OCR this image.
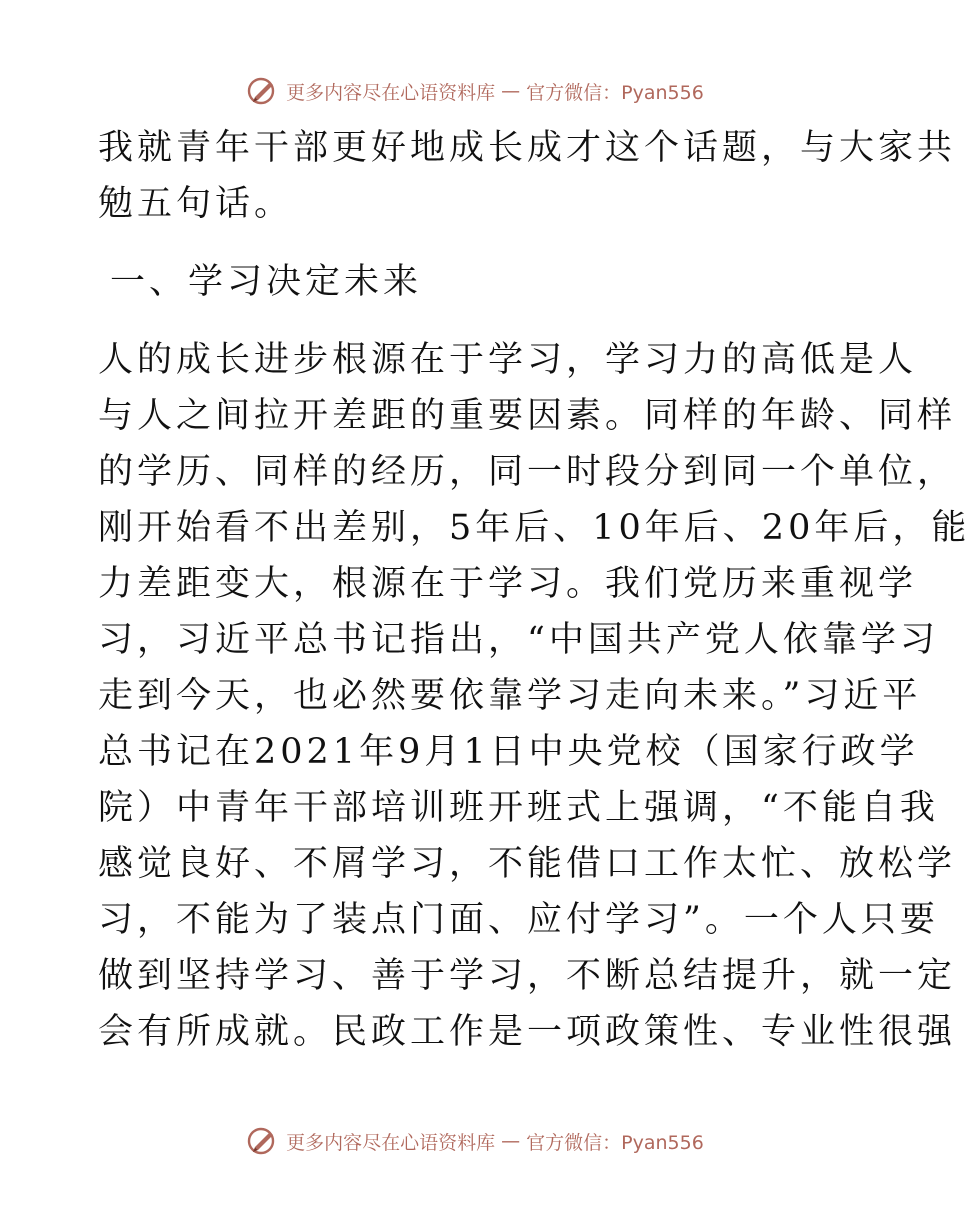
更多内容尽在心语资料库 — 官方微信：Pyan556
我就青年干部更好地成长成才这个话题，与大家共
勉五句话。
一、学习决定未来
人的成长进步根源在于学习，学习力的高低是人
与人之间拉开差距的重要因素。同样的年龄、同样
的学历、同样的经历，同一时段分到同一个单位，
刚开始看不出差别，5年后、10年后、20年后，能
力差距变大，根源在于学习。我们党历来重视学
习，习近平总书记指出，“中国共产党人依靠学习
走到今天，也必然要依靠学习走向未来。”习近平
总书记在2021年9月1日中央党校（国家行政学
院）中青年干部培训班开班式上强调，“不能自我
感觉良好、不屑学习，不能借口工作太忙、放松学
习，不能为了装点门面、应付学习”。一个人只要
做到坚持学习、善于学习，不断总结提升，就一定
会有所成就。民政工作是一项政策性、专业性很强
更多内容尽在心语资料库 — 官方微信：Pyan556
